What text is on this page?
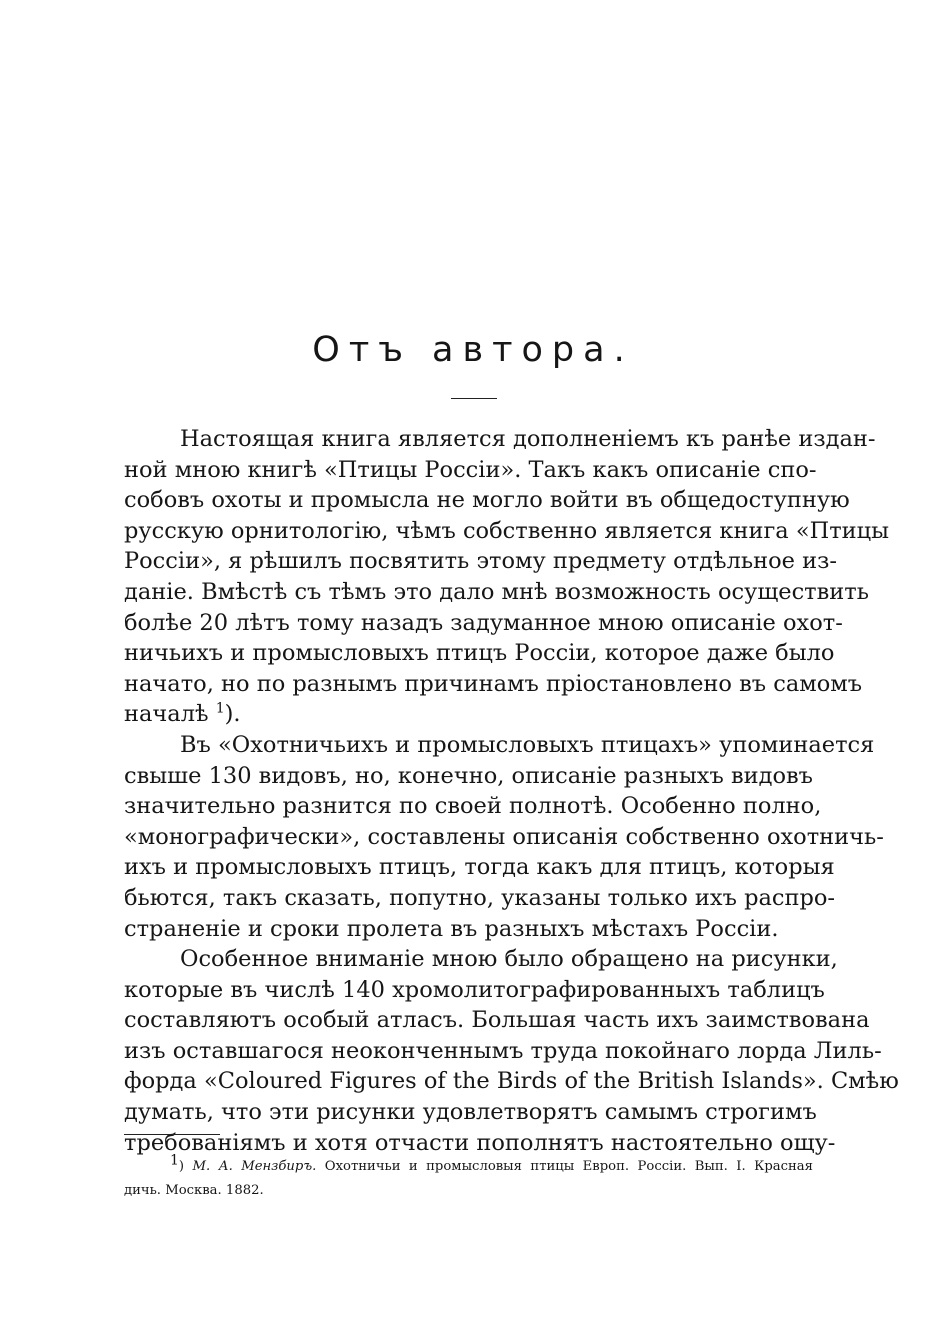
Отъ автора.
Настоящая книга является дополненіемъ къ ранѣе издан-
ной мною книгѣ «Птицы Россіи». Такъ какъ описаніе спо-
собовъ охоты и промысла не могло войти въ общедоступную
русскую орнитологію, чѣмъ собственно является книга «Птицы
Россіи», я рѣшилъ посвятить этому предмету отдѣльное из-
даніе. Вмѣстѣ съ тѣмъ это дало мнѣ возможность осуществить
болѣе 20 лѣтъ тому назадъ задуманное мною описаніе охот-
ничьихъ и промысловыхъ птицъ Россіи, которое даже было
начато, но по разнымъ причинамъ пріостановлено въ самомъ
началѣ $^1$).
Въ «Охотничьихъ и промысловыхъ птицахъ» упоминается
свыше 130 видовъ, но, конечно, описаніе разныхъ видовъ
значительно разнится по своей полнотѣ. Особенно полно,
«монографически», составлены описанія собственно охотничь-
ихъ и промысловыхъ птицъ, тогда какъ для птицъ, которыя
бьются, такъ сказать, попутно, указаны только ихъ распро-
страненіе и сроки пролета въ разныхъ мѣстахъ Россіи.
Особенное вниманіе мною было обращено на рисунки,
которые въ числѣ 140 хромолитографированныхъ таблицъ
составляютъ особый атласъ. Большая часть ихъ заимствована
изъ оставшагося неоконченнымъ труда покойнаго лорда Лиль-
форда «Coloured Figures of the Birds of the British Islands». Смѣю
думать, что эти рисунки удовлетворятъ самымъ строгимъ
требованіямъ и хотя отчасти пополнятъ настоятельно ощу-
1) М. А. Мензбиръ. Охотничьи и промысловыя птицы Европ. Россіи. Вып. I. Красная
дичь. Москва. 1882.
